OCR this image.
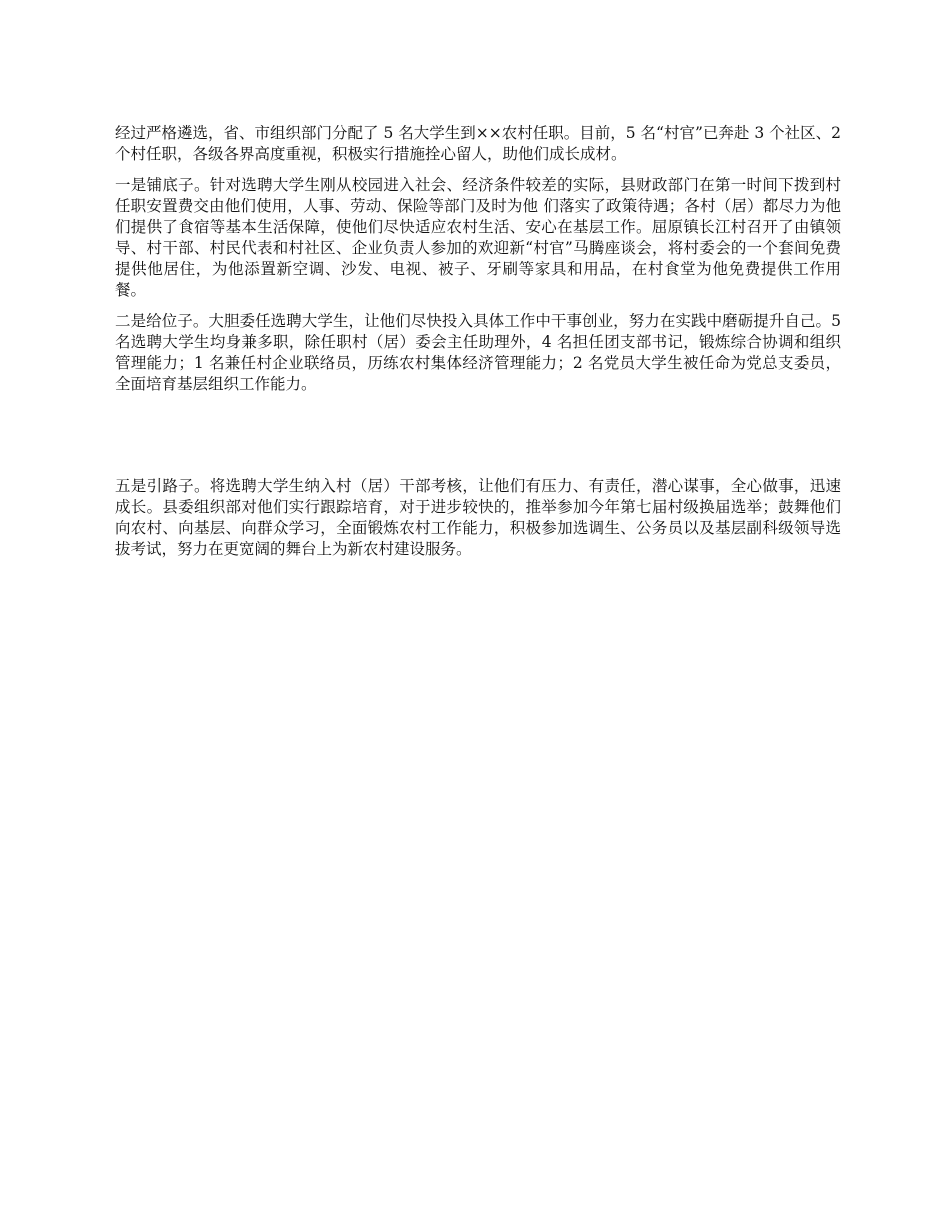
经过严格遴选，省、市组织部门分配了 5 名大学生到××农村任职。目前，5 名“村官”已奔赴 3 个社区、2 个村任职，各级各界高度重视，积极实行措施拴心留人，助他们成长成材。

一是铺底子。针对选聘大学生刚从校园进入社会、经济条件较差的实际，县财政部门在第一时间下拨到村任职安置费交由他们使用，人事、劳动、保险等部门及时为他 们落实了政策待遇；各村（居）都尽力为他们提供了食宿等基本生活保障，使他们尽快适应农村生活、安心在基层工作。屈原镇长江村召开了由镇领导、村干部、村民代表和村社区、企业负责人参加的欢迎新“村官”马腾座谈会，将村委会的一个套间免费提供他居住，为他添置新空调、沙发、电视、被子、牙刷等家具和用品，在村食堂为他免费提供工作用餐。

二是给位子。大胆委任选聘大学生，让他们尽快投入具体工作中干事创业，努力在实践中磨砺提升自己。5 名选聘大学生均身兼多职，除任职村（居）委会主任助理外，4 名担任团支部书记，锻炼综合协调和组织管理能力；1 名兼任村企业联络员，历练农村集体经济管理能力；2 名党员大学生被任命为党总支委员，全面培育基层组织工作能力。

五是引路子。将选聘大学生纳入村（居）干部考核，让他们有压力、有责任，潜心谋事，全心做事，迅速成长。县委组织部对他们实行跟踪培育，对于进步较快的，推举参加今年第七届村级换届选举；鼓舞他们向农村、向基层、向群众学习，全面锻炼农村工作能力，积极参加选调生、公务员以及基层副科级领导选拔考试，努力在更宽阔的舞台上为新农村建设服务。
